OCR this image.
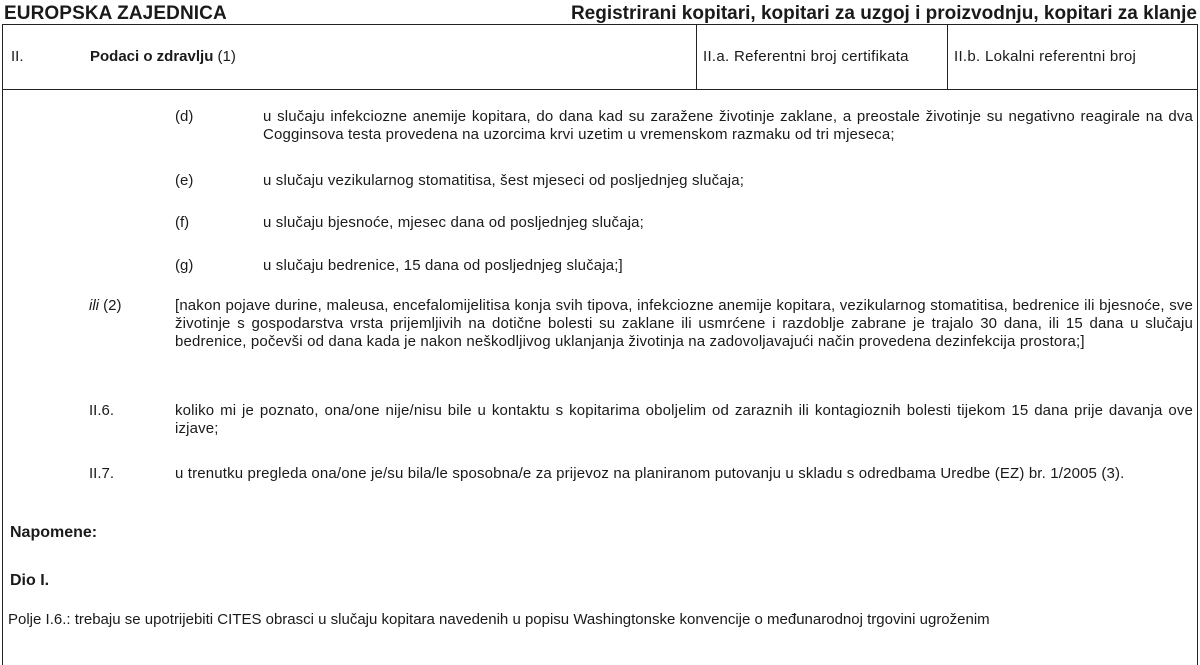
EUROPSKA ZAJEDNICA	Registrirani kopitari, kopitari za uzgoj i proizvodnju, kopitari za klanje
II.	Podaci o zdravlju (1)	II.a. Referentni broj certifikata	II.b. Lokalni referentni broj
(d)	u slučaju infekciozne anemije kopitara, do dana kad su zaražene životinje zaklane, a preostale životinje su negativno reagirale na dva Cogginsova testa provedena na uzorcima krvi uzetim u vremenskom razmaku od tri mjeseca;
(e)	u slučaju vezikularnog stomatitisa, šest mjeseci od posljednjeg slučaja;
(f)	u slučaju bjesnoće, mjesec dana od posljednjeg slučaja;
(g)	u slučaju bedrenice, 15 dana od posljednjeg slučaja;]
ili (2)	[nakon pojave durine, maleusa, encefalomijelitisa konja svih tipova, infekciozne anemije kopitara, vezikularnog stomatitisa, bedrenice ili bjesnoće, sve životinje s gospodarstva vrsta prijemljivih na dotične bolesti su zaklane ili usmrćene i razdoblje zabrane je trajalo 30 dana, ili 15 dana u slučaju bedrenice, počevši od dana kada je nakon neškodljivog uklanjanja životinja na zadovoljavajući način provedena dezinfekcija prostora;]
II.6.	koliko mi je poznato, ona/one nije/nisu bile u kontaktu s kopitarima oboljelim od zaraznih ili kontagioznih bolesti tijekom 15 dana prije davanja ove izjave;
II.7.	u trenutku pregleda ona/one je/su bila/le sposobna/e za prijevoz na planiranom putovanju u skladu s odredbama Uredbe (EZ) br. 1/2005 (3).
Napomene:
Dio I.
Polje I.6.: trebaju se upotrijebiti CITES obrasci u slučaju kopitara navedenih u popisu Washingtonske konvencije o međunarodnoj trgovini ugroženim
